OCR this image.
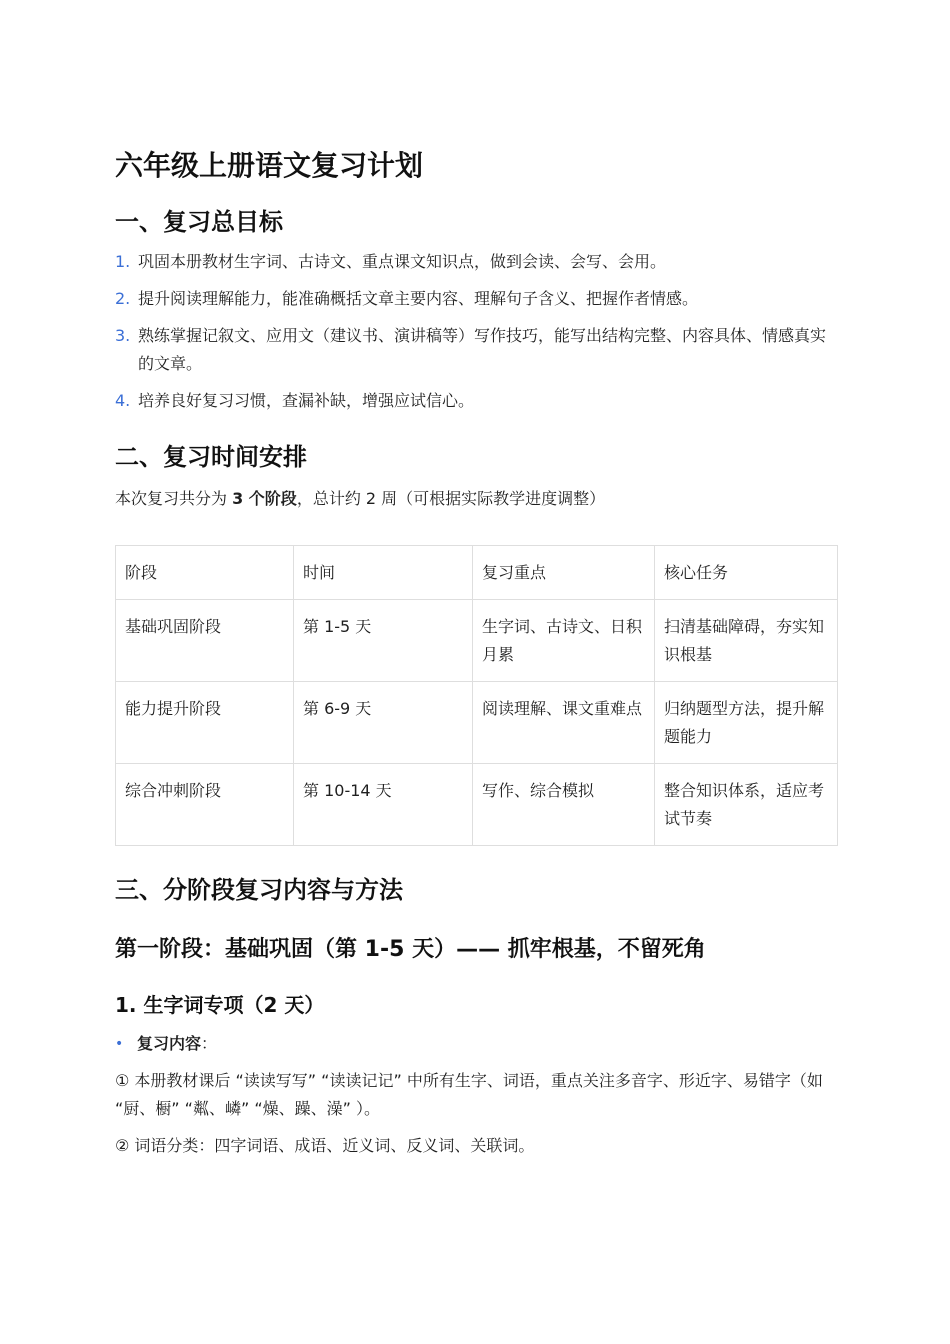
六年级上册语文复习计划
一、复习总目标
1. 巩固本册教材生字词、古诗文、重点课文知识点，做到会读、会写、会用。
2. 提升阅读理解能力，能准确概括文章主要内容、理解句子含义、把握作者情感。
3. 熟练掌握记叙文、应用文（建议书、演讲稿等）写作技巧，能写出结构完整、内容具体、情感真实的文章。
4. 培养良好复习习惯，查漏补缺，增强应试信心。
二、复习时间安排

本次复习共分为 3 个阶段，总计约 2 周（可根据实际教学进度调整）

阶段	时间	复习重点	核心任务
基础巩固阶段	第 1-5 天	生字词、古诗文、日积月累	扫清基础障碍，夯实知识根基
能力提升阶段	第 6-9 天	阅读理解、课文重难点	归纳题型方法，提升解题能力
综合冲刺阶段	第 10-14 天	写作、综合模拟	整合知识体系，适应考试节奏
三、分阶段复习内容与方法
第一阶段：基础巩固（第 1-5 天）—— 抓牢根基，不留死角
1. 生字词专项（2 天）
• 复习内容：

① 本册教材课后 “读读写写” “读读记记” 中所有生字、词语，重点关注多音字、形近字、易错字（如 “厨、橱” “粼、嶙” “燥、躁、澡” ）。

② 词语分类：四字词语、成语、近义词、反义词、关联词。
